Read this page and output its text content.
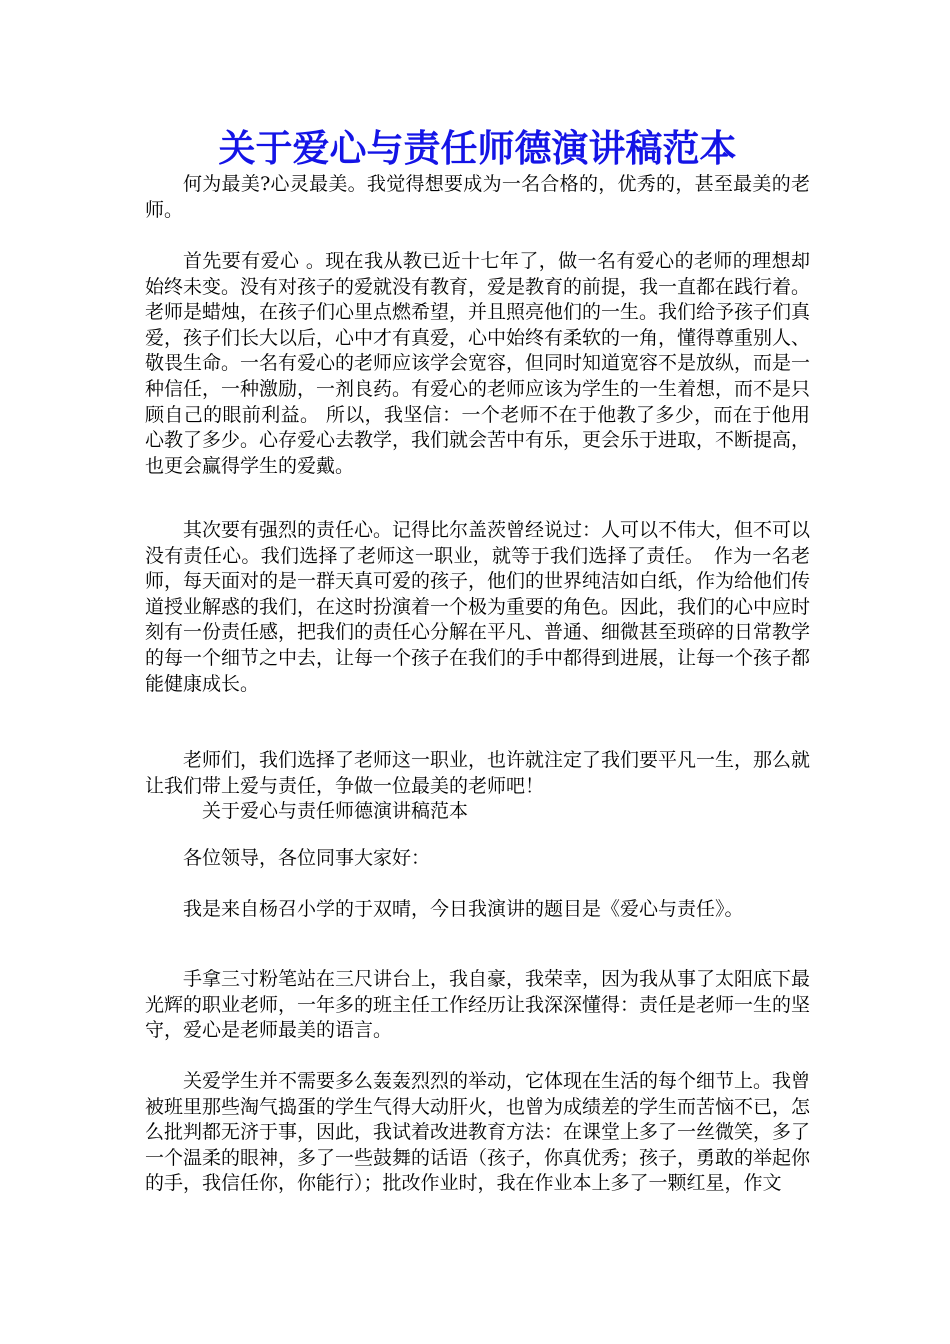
关于爱心与责任师德演讲稿范本

何为最美?心灵最美。我觉得想要成为一名合格的，优秀的，甚至最美的老师。

首先要有爱心 。现在我从教已近十七年了，做一名有爱心的老师的理想却始终未变。没有对孩子的爱就没有教育，爱是教育的前提，我一直都在践行着。老师是蜡烛，在孩子们心里点燃希望，并且照亮他们的一生。我们给予孩子们真爱，孩子们长大以后，心中才有真爱，心中始终有柔软的一角，懂得尊重别人、敬畏生命。一名有爱心的老师应该学会宽容，但同时知道宽容不是放纵，而是一种信任，一种激励，一剂良药。有爱心的老师应该为学生的一生着想，而不是只顾自己的眼前利益。 所以，我坚信：一个老师不在于他教了多少，而在于他用心教了多少。心存爱心去教学，我们就会苦中有乐，更会乐于进取，不断提高，也更会赢得学生的爱戴。

其次要有强烈的责任心。记得比尔盖茨曾经说过：人可以不伟大，但不可以没有责任心。我们选择了老师这一职业，就等于我们选择了责任。　作为一名老师，每天面对的是一群天真可爱的孩子，他们的世界纯洁如白纸，作为给他们传道授业解惑的我们，在这时扮演着一个极为重要的角色。因此，我们的心中应时刻有一份责任感，把我们的责任心分解在平凡、普通、细微甚至琐碎的日常教学的每一个细节之中去，让每一个孩子在我们的手中都得到进展，让每一个孩子都能健康成长。

老师们，我们选择了老师这一职业，也许就注定了我们要平凡一生，那么就让我们带上爱与责任，争做一位最美的老师吧！

关于爱心与责任师德演讲稿范本

各位领导，各位同事大家好：

我是来自杨召小学的于双晴，今日我演讲的题目是《爱心与责任》。

手拿三寸粉笔站在三尺讲台上，我自豪，我荣幸，因为我从事了太阳底下最光辉的职业老师，一年多的班主任工作经历让我深深懂得：责任是老师一生的坚守，爱心是老师最美的语言。

关爱学生并不需要多么轰轰烈烈的举动，它体现在生活的每个细节上。我曾被班里那些淘气捣蛋的学生气得大动肝火，也曾为成绩差的学生而苦恼不已，怎么批判都无济于事，因此，我试着改进教育方法：在课堂上多了一丝微笑，多了一个温柔的眼神，多了一些鼓舞的话语（孩子，你真优秀；孩子，勇敢的举起你的手，我信任你，你能行）；批改作业时，我在作业本上多了一颗红星，作文
